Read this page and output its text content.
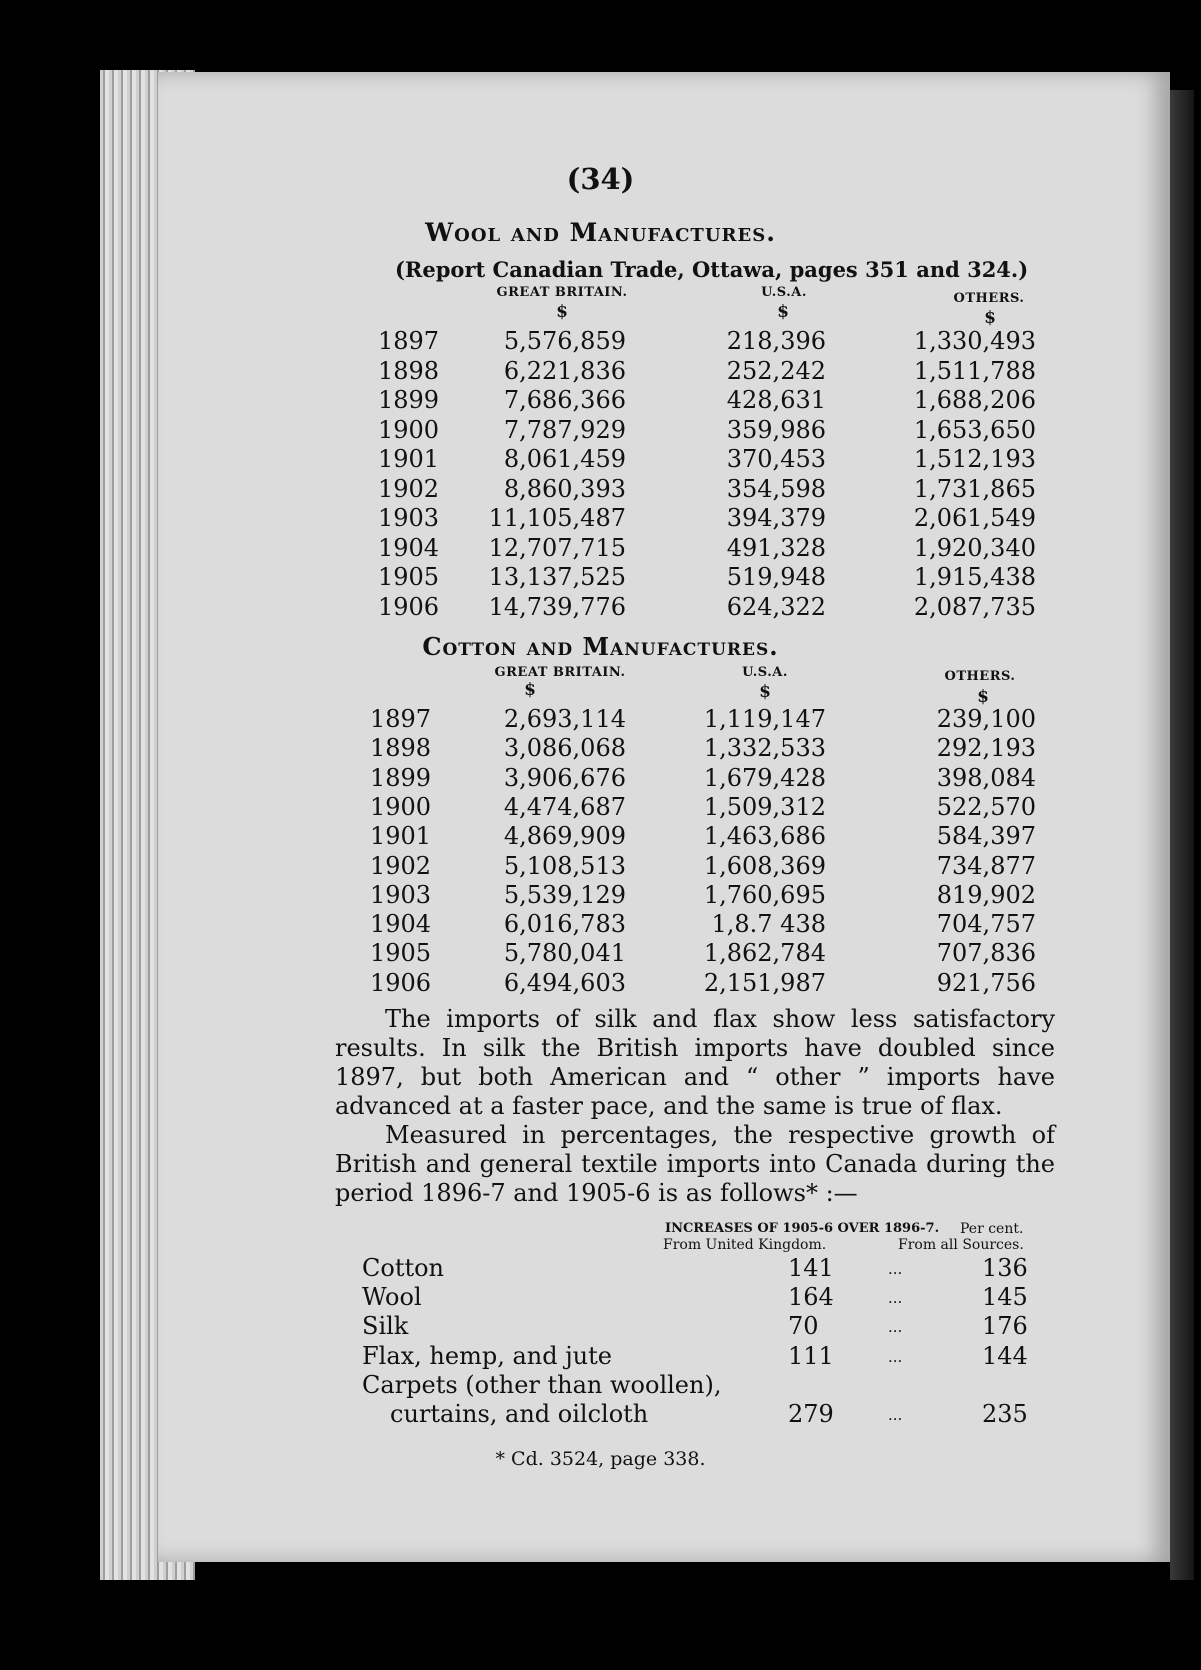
(34)
Wool and Manufactures.
(Report Canadian Trade, Ottawa, pages 351 and 324.)
GREAT BRITAIN.	U.S.A.	OTHERS.
$	$	$
1897	5,576,859	218,396	1,330,493
1898	6,221,836	252,242	1,511,788
1899	7,686,366	428,631	1,688,206
1900	7,787,929	359,986	1,653,650
1901	8,061,459	370,453	1,512,193
1902	8,860,393	354,598	1,731,865
1903 11,105,487	394,379	2,061,549
1904 12,707,715	491,328	1,920,340
1905 13,137,525	519,948	1,915,438
1906 14,739,776	624,322	2,087,735
Cotton and Manufactures.
GREAT BRITAIN.	U.S.A.	OTHERS.
$	$	$
1897	2,693,114	1,119,147	239,100
1898	3,086,068	1,332,533	292,193
1899	3,906,676	1,679,428	398,084
1900	4,474,687	1,509,312	522,570
1901	4,869,909	1,463,686	584,397
1902	5,108,513	1,608,369	734,877
1903	5,539,129	1,760,695	819,902
1904	6,016,783	1,8.7 438	704,757
1905	5,780,041	1,862,784	707,836
1906	6,494,603	2,151,987	921,756

The imports of silk and flax show less satisfactory results. In silk the British imports have doubled since 1897, but both American and “ other ” imports have advanced at a faster pace, and the same is true of flax.

Measured in percentages, the respective growth of British and general textile imports into Canada during the period 1896-7 and 1905-6 is as follows* :—

INCREASES OF 1905-6 OVER 1896-7. Per cent.
From United Kingdom.	From all Sources.
Cotton	141	...	136
Wool	164	...	145
Silk	70	...	176
Flax, hemp, and jute	111	...	144
Carpets (other than woollen),
curtains, and oilcloth	279	...	235
* Cd. 3524, page 338.
